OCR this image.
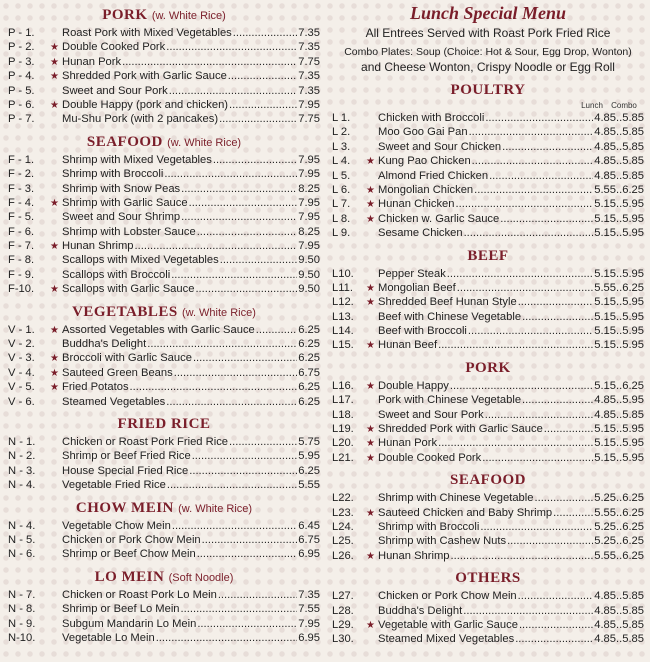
PORK (w. White Rice)
P - 1.	Roast Pork with Mixed Vegetables .....	7.35
P - 2.	★ Double Cooked Pork .....	7.35
P - 3.	★ Hunan Pork .....	7.75
P - 4.	★ Shredded Pork with Garlic Sauce .....	7.35
P - 5.	Sweet and Sour Pork .....	7.35
P - 6.	★ Double Happy (pork and chicken) .....	7.95
P - 7.	Mu-Shu Pork (with 2 pancakes) .....	7.75
SEAFOOD (w. White Rice)
F - 1.	Shrimp with Mixed Vegetables .....	7.95
F - 2.	Shrimp with Broccoli .....	7.95
F - 3.	Shrimp with Snow Peas .....	8.25
F - 4.	★ Shrimp with Garlic Sauce .....	7.95
F - 5.	Sweet and Sour Shrimp .....	7.95
F - 6.	Shrimp with Lobster Sauce .....	8.25
F - 7.	★ Hunan Shrimp .....	7.95
F - 8.	Scallops with Mixed Vegetables .....	9.50
F - 9.	Scallops with Broccoli .....	9.50
F-10.	★ Scallops with Garlic Sauce .....	9.50
VEGETABLES (w. White Rice)
V - 1.	★ Assorted Vegetables with Garlic Sauce .....	6.25
V - 2.	Buddha's Delight .....	6.25
V - 3.	★ Broccoli with Garlic Sauce .....	6.25
V - 4.	★ Sauteed Green Beans .....	6.75
V - 5.	★ Fried Potatos .....	6.25
V - 6.	Steamed Vegetables .....	6.25
FRIED RICE
N - 1.	Chicken or Roast Pork Fried Rice .....	5.75
N - 2.	Shrimp or Beef Fried Rice .....	5.95
N - 3.	House Special Fried Rice .....	6.25
N - 4.	Vegetable Fried Rice .....	5.55
CHOW MEIN (w. White Rice)
N - 4.	Vegetable Chow Mein .....	6.45
N - 5.	Chicken or Pork Chow Mein .....	6.75
N - 6.	Shrimp or Beef Chow Mein .....	6.95
LO MEIN (Soft Noodle)
N - 7.	Chicken or Roast Pork Lo Mein .....	7.35
N - 8.	Shrimp or Beef Lo Mein .....	7.55
N - 9.	Subgum Mandarin Lo Mein .....	7.95
N-10.	Vegetable Lo Mein .....	6.95
Lunch Special Menu
All Entrees Served with Roast Pork Fried Rice
Combo Plates: Soup (Choice: Hot & Sour, Egg Drop, Wonton)
and Cheese Wonton, Crispy Noodle or Egg Roll
POULTRY
Lunch	Combo
L 1.	Chicken with Broccoli .....	4.85 .. 5.85
L 2.	Moo Goo Gai Pan .....	4.85 .. 5.85
L 3.	Sweet and Sour Chicken .....	4.85 .. 5.85
L 4.	★ Kung Pao Chicken .....	4.85 .. 5.85
L 5.	Almond Fried Chicken .....	4.85 .. 5.85
L 6.	★ Mongolian Chicken .....	5.55 .. 6.25
L 7.	★ Hunan Chicken .....	5.15 .. 5.95
L 8.	★ Chicken w. Garlic Sauce .....	5.15 .. 5.95
L 9.	Sesame Chicken .....	5.15 .. 5.95
BEEF
L10.	Pepper Steak .....	5.15 .. 5.95
L11.	★ Mongolian Beef .....	5.55 .. 6.25
L12.	★ Shredded Beef Hunan Style .....	5.15 .. 5.95
L13.	Beef with Chinese Vegetable .....	5.15 .. 5.95
L14.	Beef with Broccoli .....	5.15 .. 5.95
L15.	★ Hunan Beef .....	5.15 .. 5.95
PORK
L16.	★ Double Happy .....	5.15 .. 6.25
L17.	Pork with Chinese Vegetable .....	4.85 .. 5.95
L18.	Sweet and Sour Pork .....	4.85 .. 5.85
L19.	★ Shredded Pork with Garlic Sauce .....	5.15 .. 5.95
L20.	★ Hunan Pork .....	5.15 .. 5.95
L21.	★ Double Cooked Pork .....	5.15 .. 5.95
SEAFOOD
L22.	Shrimp with Chinese Vegetable .....	5.25 .. 6.25
L23.	★ Sauteed Chicken and Baby Shrimp .....	5.55 .. 6.25
L24.	Shrimp with Broccoli .....	5.25 .. 6.25
L25.	Shrimp with Cashew Nuts .....	5.25 .. 6.25
L26.	★ Hunan Shrimp .....	5.55 .. 6.25
OTHERS
L27.	Chicken or Pork Chow Mein .....	4.85 .. 5.85
L28.	Buddha's Delight .....	4.85 .. 5.85
L29.	★ Vegetable with Garlic Sauce .....	4.85 .. 5.85
L30.	Steamed Mixed Vegetables .....	4.85 .. 5.85
